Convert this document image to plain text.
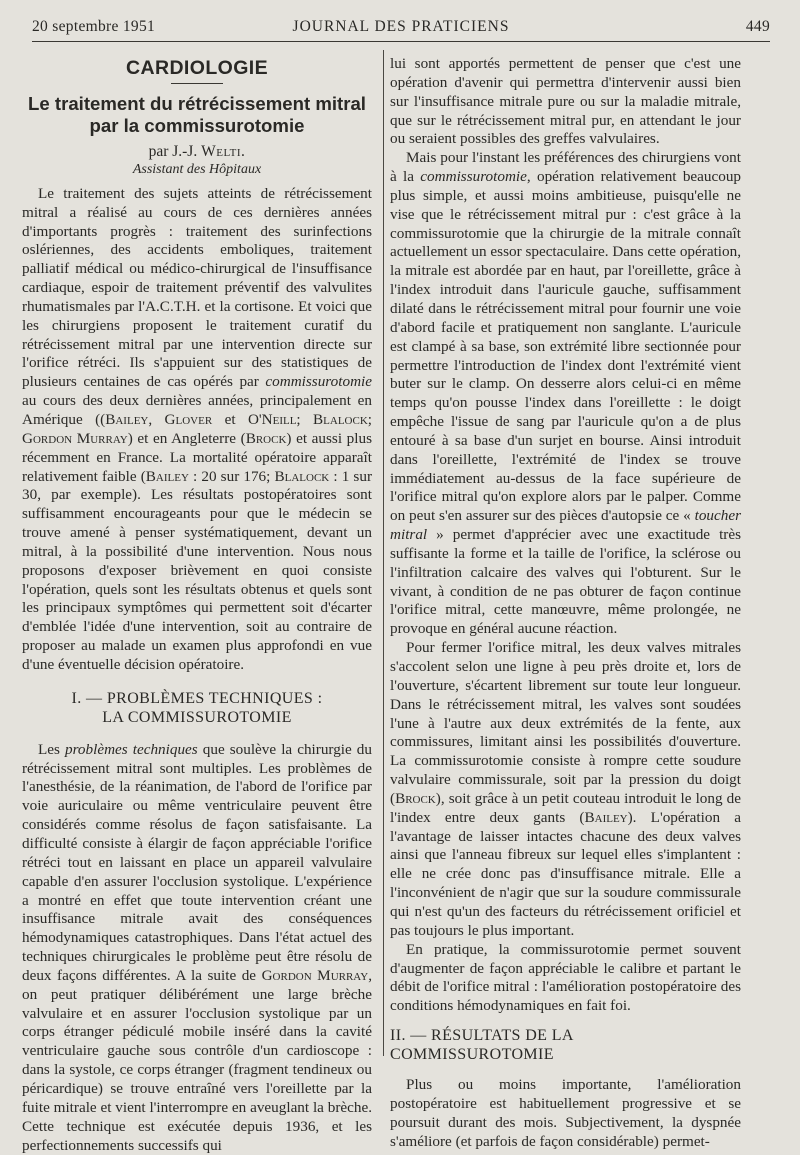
20 septembre 1951	JOURNAL DES PRATICIENS	449
CARDIOLOGIE
Le traitement du rétrécissement mitral
par la commissurotomie
par J.-J. Welti.
Assistant des Hôpitaux

Le traitement des sujets atteints de rétrécissement mitral a réalisé au cours de ces dernières années d'importants progrès : traitement des surinfections oslériennes, des accidents emboliques, traitement palliatif médical ou médico-chirurgical de l'insuffisance cardiaque, espoir de traitement préventif des valvulites rhumatismales par l'A.C.T.H. et la cortisone. Et voici que les chirurgiens proposent le traitement curatif du rétrécissement mitral par une intervention directe sur l'orifice rétréci. Ils s'appuient sur des statistiques de plusieurs centaines de cas opérés par commissurotomie au cours des deux dernières années, principalement en Amérique ((Bailey, Glover et O'Neill; Blalock; Gordon Murray) et en Angleterre (Brock) et aussi plus récemment en France. La mortalité opératoire apparaît relativement faible (Bailey : 20 sur 176; Blalock : 1 sur 30, par exemple). Les résultats postopératoires sont suffisamment encourageants pour que le médecin se trouve amené à penser systématiquement, devant un mitral, à la possibilité d'une intervention. Nous nous proposons d'exposer brièvement en quoi consiste l'opération, quels sont les résultats obtenus et quels sont les principaux symptômes qui permettent soit d'écarter d'emblée l'idée d'une intervention, soit au contraire de proposer au malade un examen plus approfondi en vue d'une éventuelle décision opératoire.

I. — PROBLÈMES TECHNIQUES :
LA COMMISSUROTOMIE

Les problèmes techniques que soulève la chirurgie du rétrécissement mitral sont multiples. Les problèmes de l'anesthésie, de la réanimation, de l'abord de l'orifice par voie auriculaire ou même ventriculaire peuvent être considérés comme résolus de façon satisfaisante. La difficulté consiste à élargir de façon appréciable l'orifice rétréci tout en laissant en place un appareil valvulaire capable d'en assurer l'occlusion systolique. L'expérience a montré en effet que toute intervention créant une insuffisance mitrale avait des conséquences hémodynamiques catastrophiques. Dans l'état actuel des techniques chirurgicales le problème peut être résolu de deux façons différentes. A la suite de Gordon Murray, on peut pratiquer délibérément une large brèche valvulaire et en assurer l'occlusion systolique par un corps étranger pédiculé mobile inséré dans la cavité ventriculaire gauche sous contrôle d'un cardioscope : dans la systole, ce corps étranger (fragment tendineux ou péricardique) se trouve entraîné vers l'oreillette par la fuite mitrale et vient l'interrompre en aveuglant la brèche. Cette technique est exécutée depuis 1936, et les perfectionnements successifs qui

lui sont apportés permettent de penser que c'est une opération d'avenir qui permettra d'intervenir aussi bien sur l'insuffisance mitrale pure ou sur la maladie mitrale, que sur le rétrécissement mitral pur, en attendant le jour ou seraient possibles des greffes valvulaires.

Mais pour l'instant les préférences des chirurgiens vont à la commissurotomie, opération relativement beaucoup plus simple, et aussi moins ambitieuse, puisqu'elle ne vise que le rétrécissement mitral pur : c'est grâce à la commissurotomie que la chirurgie de la mitrale connaît actuellement un essor spectaculaire. Dans cette opération, la mitrale est abordée par en haut, par l'oreillette, grâce à l'index introduit dans l'auricule gauche, suffisamment dilaté dans le rétrécissement mitral pour fournir une voie d'abord facile et pratiquement non sanglante. L'auricule est clampé à sa base, son extrémité libre sectionnée pour permettre l'introduction de l'index dont l'extrémité vient buter sur le clamp. On desserre alors celui-ci en même temps qu'on pousse l'index dans l'oreillette : le doigt empêche l'issue de sang par l'auricule qu'on a de plus entouré à sa base d'un surjet en bourse. Ainsi introduit dans l'oreillette, l'extrémité de l'index se trouve immédiatement au-dessus de la face supérieure de l'orifice mitral qu'on explore alors par le palper. Comme on peut s'en assurer sur des pièces d'autopsie ce « toucher mitral » permet d'apprécier avec une exactitude très suffisante la forme et la taille de l'orifice, la sclérose ou l'infiltration calcaire des valves qui l'obturent. Sur le vivant, à condition de ne pas obturer de façon continue l'orifice mitral, cette manœuvre, même prolongée, ne provoque en général aucune réaction.

Pour fermer l'orifice mitral, les deux valves mitrales s'accolent selon une ligne à peu près droite et, lors de l'ouverture, s'écartent librement sur toute leur longueur. Dans le rétrécissement mitral, les valves sont soudées l'une à l'autre aux deux extrémités de la fente, aux commissures, limitant ainsi les possibilités d'ouverture. La commissurotomie consiste à rompre cette soudure valvulaire commissurale, soit par la pression du doigt (Brock), soit grâce à un petit couteau introduit le long de l'index entre deux gants (Bailey). L'opération a l'avantage de laisser intactes chacune des deux valves ainsi que l'anneau fibreux sur lequel elles s'implantent : elle ne crée donc pas d'insuffisance mitrale. Elle a l'inconvénient de n'agir que sur la soudure commissurale qui n'est qu'un des facteurs du rétrécissement orificiel et pas toujours le plus important.

En pratique, la commissurotomie permet souvent d'augmenter de façon appréciable le calibre et partant le débit de l'orifice mitral : l'amélioration postopératoire des conditions hémodynamiques en fait foi.

II. — RÉSULTATS DE LA COMMISSUROTOMIE

Plus ou moins importante, l'amélioration postopératoire est habituellement progressive et se poursuit durant des mois. Subjectivement, la dyspnée s'améliore (et parfois de façon considérable) permet-
